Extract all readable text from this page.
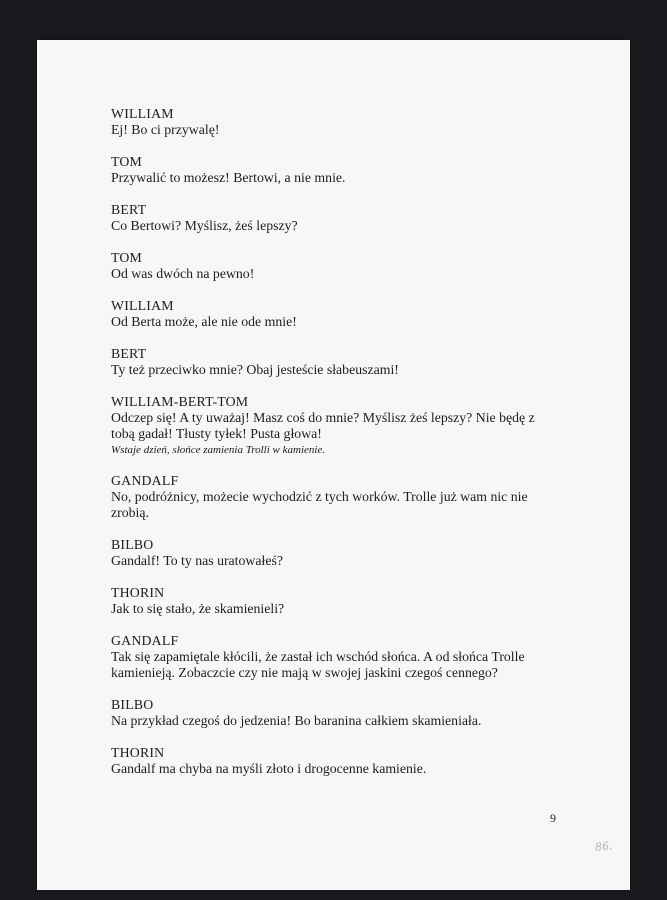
WILLIAM
Ej! Bo ci przywalę!
TOM
Przywalić to możesz! Bertowi, a nie mnie.
BERT
Co Bertowi? Myślisz, żeś lepszy?
TOM
Od was dwóch na pewno!
WILLIAM
Od Berta może, ale nie ode mnie!
BERT
Ty też przeciwko mnie? Obaj jesteście słabeuszami!
WILLIAM-BERT-TOM
Odczep się! A ty uważaj! Masz coś do mnie? Myślisz żeś lepszy? Nie będę z
tobą gadał! Tłusty tyłek! Pusta głowa!
Wstaje dzień, słońce zamienia Trolli w kamienie.
GANDALF
No, podróżnicy, możecie wychodzić z tych worków. Trolle już wam nic nie
zrobią.
BILBO
Gandalf! To ty nas uratowałeś?
THORIN
Jak to się stało, że skamienieli?
GANDALF
Tak się zapamiętale kłócili, że zastał ich wschód słońca. A od słońca Trolle
kamienieją. Zobaczcie czy nie mają w swojej jaskini czegoś cennego?
BILBO
Na przykład czegoś do jedzenia! Bo baranina całkiem skamieniała.
THORIN
Gandalf ma chyba na myśli złoto i drogocenne kamienie.
9
86.
